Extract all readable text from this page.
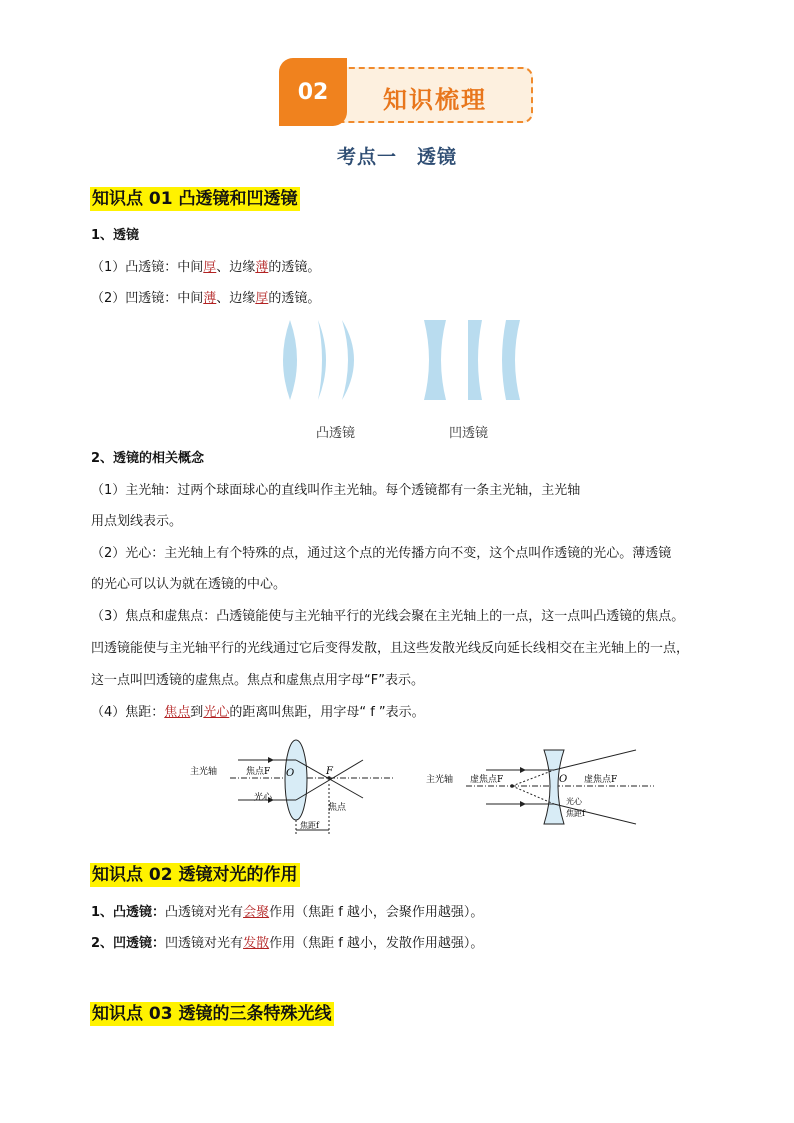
知识梳理
02
考点一　透镜
知识点 01 凸透镜和凹透镜
1、透镜
（1）凸透镜：中间厚、边缘薄的透镜。
（2）凹透镜：中间薄、边缘厚的透镜。
凸透镜	凹透镜
2、透镜的相关概念
（1）主光轴：过两个球面球心的直线叫作主光轴。每个透镜都有一条主光轴，主光轴
用点划线表示。
（2）光心：主光轴上有个特殊的点，通过这个点的光传播方向不变，这个点叫作透镜的光心。薄透镜
的光心可以认为就在透镜的中心。
（3）焦点和虚焦点：凸透镜能使与主光轴平行的光线会聚在主光轴上的一点，这一点叫凸透镜的焦点。
凹透镜能使与主光轴平行的光线通过它后变得发散，且这些发散光线反向延长线相交在主光轴上的一点，
这一点叫凹透镜的虚焦点。焦点和虚焦点用字母“F”表示。
（4）焦距：焦点到光心的距离叫焦距，用字母“ f ”表示。
主光轴	焦点F O	F
光心
焦点
焦距f
主光轴 虚焦点F	O 虚焦点F
光心
焦距f
知识点 02 透镜对光的作用
1、凸透镜：凸透镜对光有会聚作用（焦距 f 越小，会聚作用越强）。
2、凹透镜：凹透镜对光有发散作用（焦距 f 越小，发散作用越强）。
知识点 03 透镜的三条特殊光线
